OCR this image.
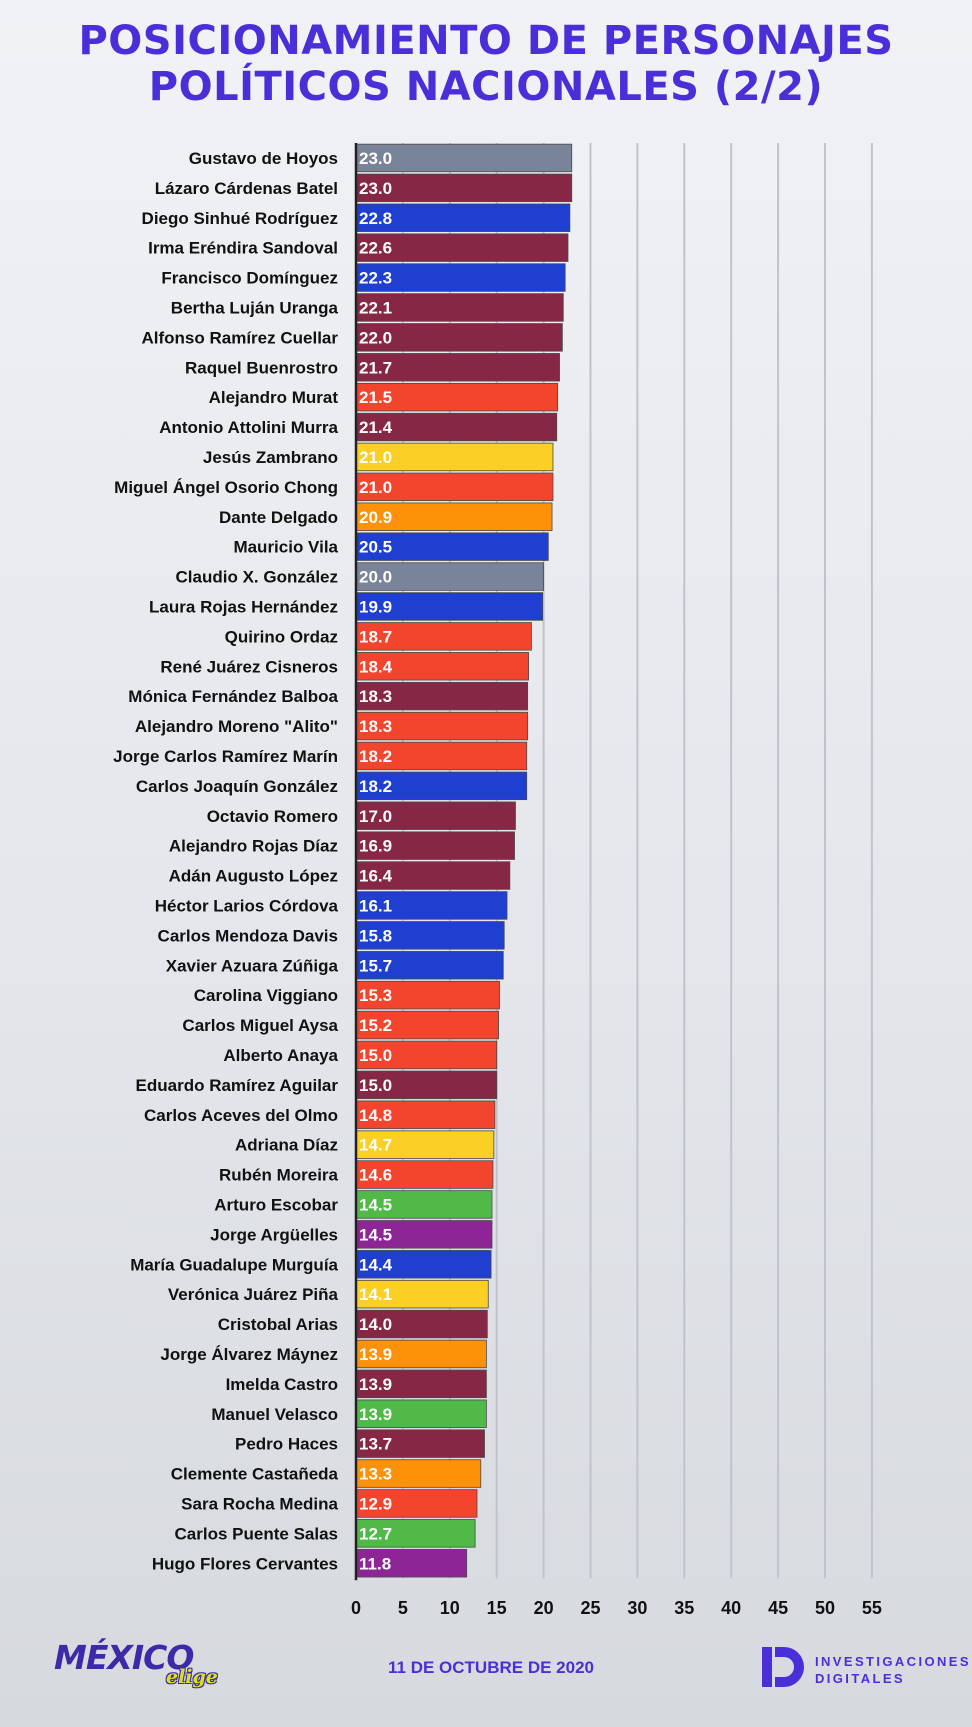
POSICIONAMIENTO DE PERSONAJES
POLÍTICOS NACIONALES (2/2)
23.0
Gustavo de Hoyos
23.0
Lázaro Cárdenas Batel
22.8
Diego Sinhué Rodríguez
22.6
Irma Eréndira Sandoval
22.3
Francisco Domínguez
22.1
Bertha Luján Uranga
22.0
Alfonso Ramírez Cuellar
21.7
Raquel Buenrostro
21.5
Alejandro Murat
21.4
Antonio Attolini Murra
21.0
Jesús Zambrano
21.0
Miguel Ángel Osorio Chong
20.9
Dante Delgado
20.5
Mauricio Vila
20.0
Claudio X. González
19.9
Laura Rojas Hernández
18.7
Quirino Ordaz
18.4
René Juárez Cisneros
18.3
Mónica Fernández Balboa
18.3
Alejandro Moreno "Alito"
18.2
Jorge Carlos Ramírez Marín
18.2
Carlos Joaquín González
17.0
Octavio Romero
16.9
Alejandro Rojas Díaz
16.4
Adán Augusto López
16.1
Héctor Larios Córdova
15.8
Carlos Mendoza Davis
15.7
Xavier Azuara Zúñiga
15.3
Carolina Viggiano
15.2
Carlos Miguel Aysa
15.0
Alberto Anaya
15.0
Eduardo Ramírez Aguilar
14.8
Carlos Aceves del Olmo
14.7
Adriana Díaz
14.6
Rubén Moreira
14.5
Arturo Escobar
14.5
Jorge Argüelles
14.4
María Guadalupe Murguía
14.1
Verónica Juárez Piña
14.0
Cristobal Arias
13.9
Jorge Álvarez Máynez
13.9
Imelda Castro
13.9
Manuel Velasco
13.7
Pedro Haces
13.3
Clemente Castañeda
12.9
Sara Rocha Medina
12.7
Carlos Puente Salas
11.8
Hugo Flores Cervantes
0 5 10 15 20 25 30 35 40 45 50 55
MÉXICO
elige	11 DE OCTUBRE DE 2020	INVESTIGACIONES
DIGITALES
